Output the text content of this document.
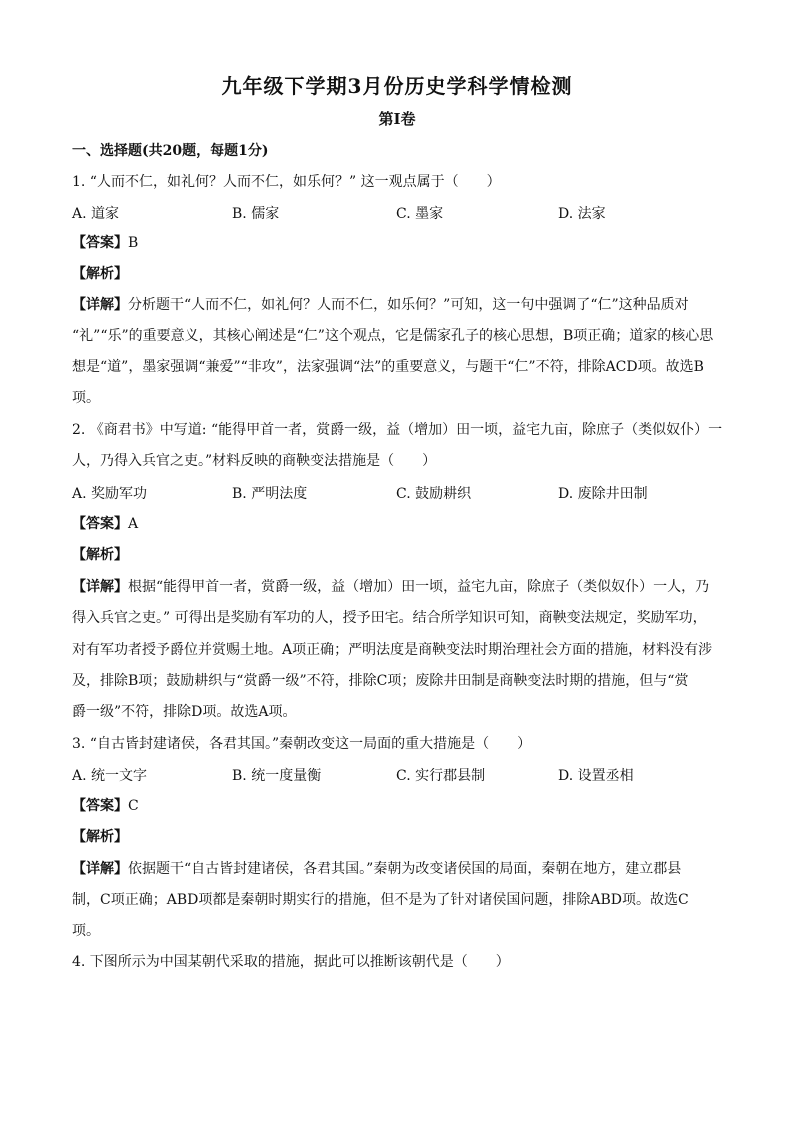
九年级下学期3月份历史学科学情检测
第I卷
一、选择题(共20题，每题1分)
1. “人而不仁，如礼何？人而不仁，如乐何？” 这一观点属于（　　）
A. 道家	B. 儒家	C. 墨家	D. 法家
【答案】B
【解析】
【详解】分析题干“人而不仁，如礼何？人而不仁，如乐何？”可知，这一句中强调了“仁”这种品质对
“礼”“乐”的重要意义，其核心阐述是“仁”这个观点，它是儒家孔子的核心思想，B项正确；道家的核心思
想是“道”，墨家强调“兼爱”“非攻”，法家强调“法”的重要意义，与题干“仁”不符，排除ACD项。故选B
项。
2. 《商君书》中写道: “能得甲首一者，赏爵一级，益（增加）田一顷，益宅九亩，除庶子（类似奴仆）一
人，乃得入兵官之吏。”材料反映的商鞅变法措施是（　　）
A. 奖励军功	B. 严明法度	C. 鼓励耕织	D. 废除井田制
【答案】A
【解析】
【详解】根据“能得甲首一者，赏爵一级，益（增加）田一顷，益宅九亩，除庶子（类似奴仆）一人，乃
得入兵官之吏。” 可得出是奖励有军功的人，授予田宅。结合所学知识可知，商鞅变法规定，奖励军功，
对有军功者授予爵位并赏赐土地。A项正确；严明法度是商鞅变法时期治理社会方面的措施，材料没有涉
及，排除B项；鼓励耕织与“赏爵一级”不符，排除C项；废除井田制是商鞅变法时期的措施，但与“赏
爵一级”不符，排除D项。故选A项。
3. “自古皆封建诸侯，各君其国。”秦朝改变这一局面的重大措施是（　　）
A. 统一文字	B. 统一度量衡	C. 实行郡县制	D. 设置丞相
【答案】C
【解析】
【详解】依据题干“自古皆封建诸侯，各君其国。”秦朝为改变诸侯国的局面，秦朝在地方，建立郡县
制，C项正确；ABD项都是秦朝时期实行的措施，但不是为了针对诸侯国问题，排除ABD项。故选C
项。
4. 下图所示为中国某朝代采取的措施，据此可以推断该朝代是（　　）
